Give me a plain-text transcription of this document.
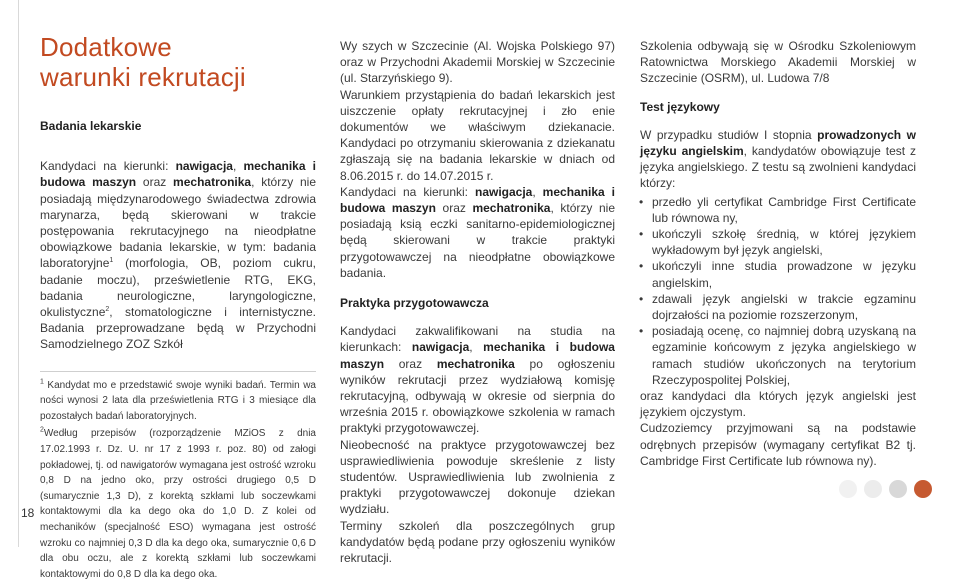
18
Dodatkowe
warunki rekrutacji
Badania lekarskie

Kandydaci na kierunki: nawigacja, mechanika i budowa maszyn oraz mechatronika, którzy nie posiadają międzynarodowego świadectwa zdrowia marynarza, będą skierowani w trakcie postępowania rekrutacyjnego na nieodpłatne obowiązkowe badania lekarskie, w tym: badania laboratoryjne$^1$ (morfologia, OB, poziom cukru, badanie moczu), prześwietlenie RTG, EKG, badania neurologiczne, laryngologiczne, okulistyczne$^2$, stomatologiczne i internistyczne. Badania przeprowadzane będą w Przychodni Samodzielnego ZOZ Szkół

$^1$ Kandydat mo e przedstawić swoje wyniki badań. Termin wa ności wynosi 2 lata dla prześwietlenia RTG i 3 miesiące dla pozostałych badań laboratoryjnych.

$^2$Według przepisów (rozporządzenie MZiOS z dnia 17.02.1993 r. Dz. U. nr 17 z 1993 r. poz. 80) od załogi pokładowej, tj. od nawigatorów wymagana jest ostrość wzroku 0,8 D na jedno oko, przy ostrości drugiego 0,5 D (sumarycznie 1,3 D), z korektą szkłami lub soczewkami kontaktowymi dla ka dego oka do 1,0 D. Z kolei od mechaników (specjalność ESO) wymagana jest ostrość wzroku co najmniej 0,3 D dla ka dego oka, sumarycznie 0,6 D dla obu oczu, ale z korektą szkłami lub soczewkami kontaktowymi do 0,8 D dla ka dego oka.

Wy szych w Szczecinie (Al. Wojska Polskiego 97) oraz w Przychodni Akademii Morskiej w Szczecinie (ul. Starzyńskiego 9).

Warunkiem przystąpienia do badań lekarskich jest uiszczenie opłaty rekrutacyjnej i zło enie dokumentów we właściwym dziekanacie. Kandydaci po otrzymaniu skierowania z dziekanatu zgłaszają się na badania lekarskie w dniach od 8.06.2015 r. do 14.07.2015 r.

Kandydaci na kierunki: nawigacja, mechanika i budowa maszyn oraz mechatronika, którzy nie posiadają ksią eczki sanitarno-epidemiologicznej będą skierowani w trakcie praktyki przygotowawczej na nieodpłatne obowiązkowe badania.

Praktyka przygotowawcza

Kandydaci zakwalifikowani na studia na kierunkach: nawigacja, mechanika i budowa maszyn oraz mechatronika po ogłoszeniu wyników rekrutacji przez wydziałową komisję rekrutacyjną, odbywają w okresie od sierpnia do września 2015 r. obowiązkowe szkolenia w ramach praktyki przygotowawczej.

Nieobecność na praktyce przygotowawczej bez usprawiedliwienia powoduje skreślenie z listy studentów. Usprawiedliwienia lub zwolnienia z praktyki przygotowawczej dokonuje dziekan wydziału.

Terminy szkoleń dla poszczególnych grup kandydatów będą podane przy ogłoszeniu wyników rekrutacji.

Szkolenia odbywają się w Ośrodku Szkoleniowym Ratownictwa Morskiego Akademii Morskiej w Szczecinie (OSRM), ul. Ludowa 7/8

Test językowy

W przypadku studiów I stopnia prowadzonych w języku angielskim, kandydatów obowiązuje test z języka angielskiego. Z testu są zwolnieni kandydaci którzy:

• przedło yli certyfikat Cambridge First Certificate lub równowa ny,
• ukończyli szkołę średnią, w której językiem wykładowym był język angielski,
• ukończyli inne studia prowadzone w języku angielskim,
• zdawali język angielski w trakcie egzaminu dojrzałości na poziomie rozszerzonym,
• posiadają ocenę, co najmniej dobrą uzyskaną na egzaminie końcowym z języka angielskiego w ramach studiów ukończonych na terytorium Rzeczypospolitej Polskiej,

oraz kandydaci dla których język angielski jest językiem ojczystym.

Cudzoziemcy przyjmowani są na podstawie odrębnych przepisów (wymagany certyfikat B2 tj. Cambridge First Certificate lub równowa ny).
